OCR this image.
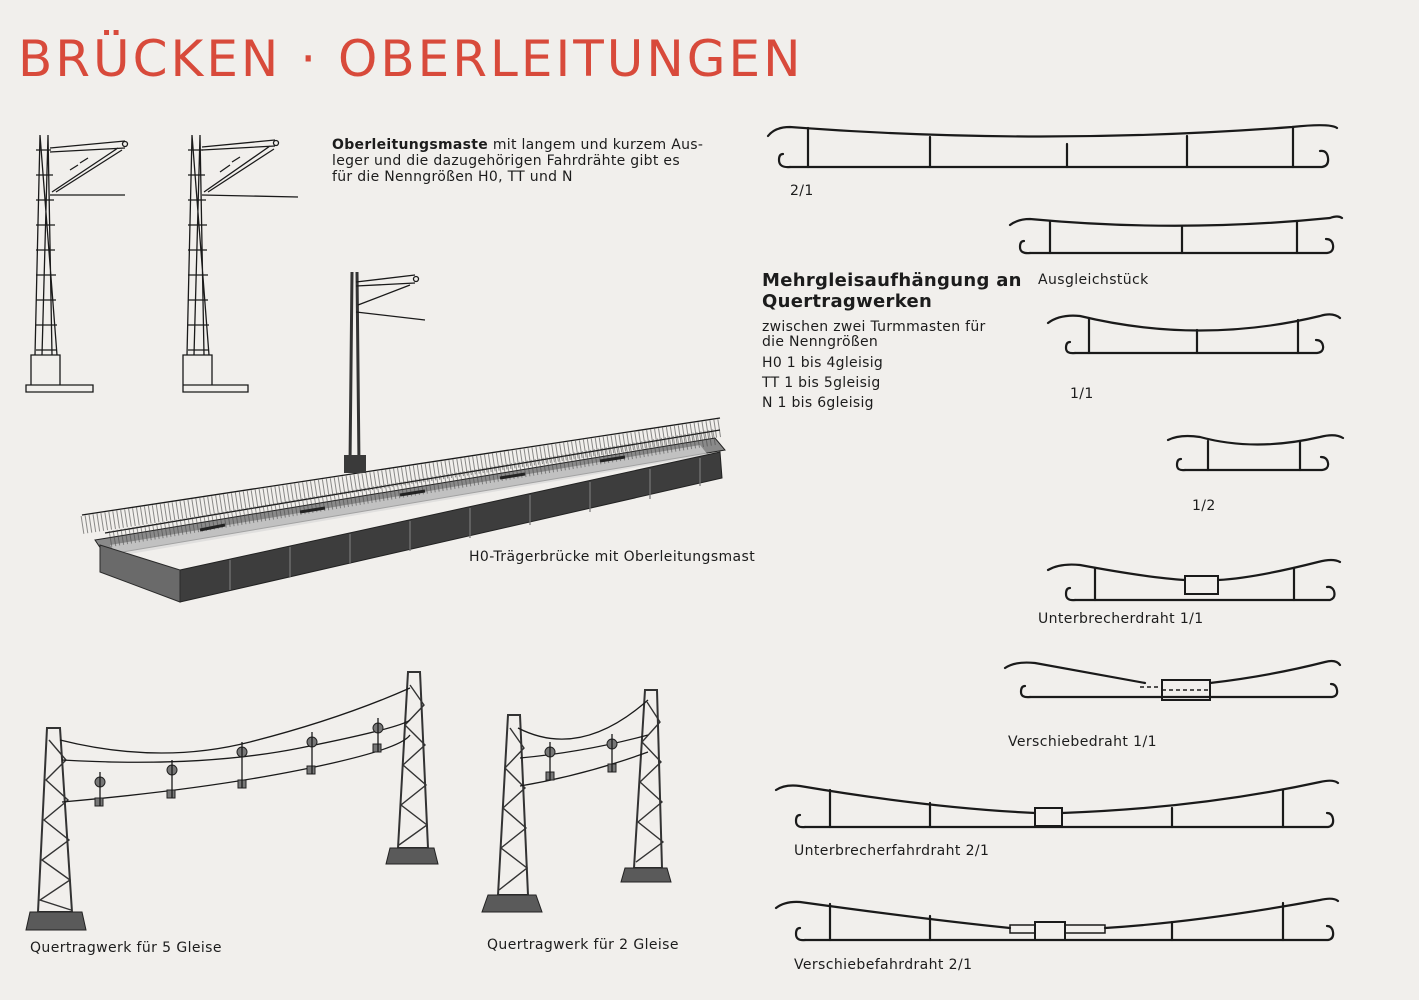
BRÜCKEN · OBERLEITUNGEN
Oberleitungsmaste mit langem und kurzem Aus-
leger und die dazugehörigen Fahrdrähte gibt es
für die Nenngrößen H0, TT und N
H0-Trägerbrücke mit Oberleitungsmast
Mehrgleisaufhängung an
Quertragwerken
zwischen zwei Turmmasten für
die Nenngrößen
H0 1 bis 4gleisig
TT 1 bis 5gleisig
N 1 bis 6gleisig
Quertragwerk für 5 Gleise	Quertragwerk für 2 Gleise
2/1
Ausgleichstück
1/1
1/2
Unterbrecherdraht 1/1
Verschiebedraht 1/1
Unterbrecherfahrdraht 2/1
Verschiebefahrdraht 2/1
